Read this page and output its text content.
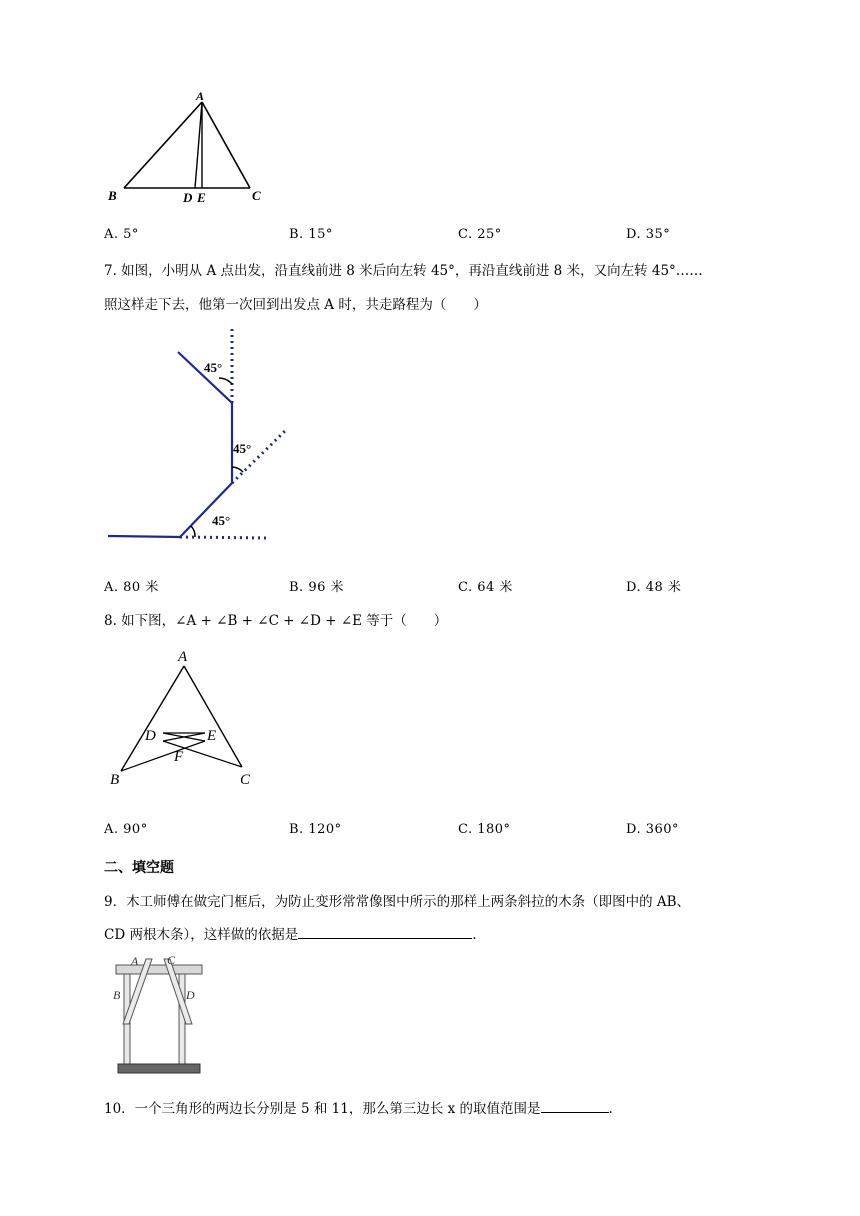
A
B	D E	C
A. 5°	B. 15°	C. 25°	D. 35°
7. 如图，小明从 A 点出发，沿直线前进 8 米后向左转 45°，再沿直线前进 8 米，又向左转 45°……
照这样走下去，他第一次回到出发点 A 时，共走路程为（　　）
45°
45°
45°
A. 80 米	B. 96 米	C. 64 米	D. 48 米
8. 如下图，∠A + ∠B + ∠C + ∠D + ∠E 等于（　　）
A
D	E
F
B	C
A. 90°	B. 120°	C. 180°	D. 360°
二、填空题
9．木工师傅在做完门框后，为防止变形常常像图中所示的那样上两条斜拉的木条（即图中的 AB、
CD 两根木条），这样做的依据是	.
A C
B	D
10．一个三角形的两边长分别是 5 和 11，那么第三边长 x 的取值范围是	.
